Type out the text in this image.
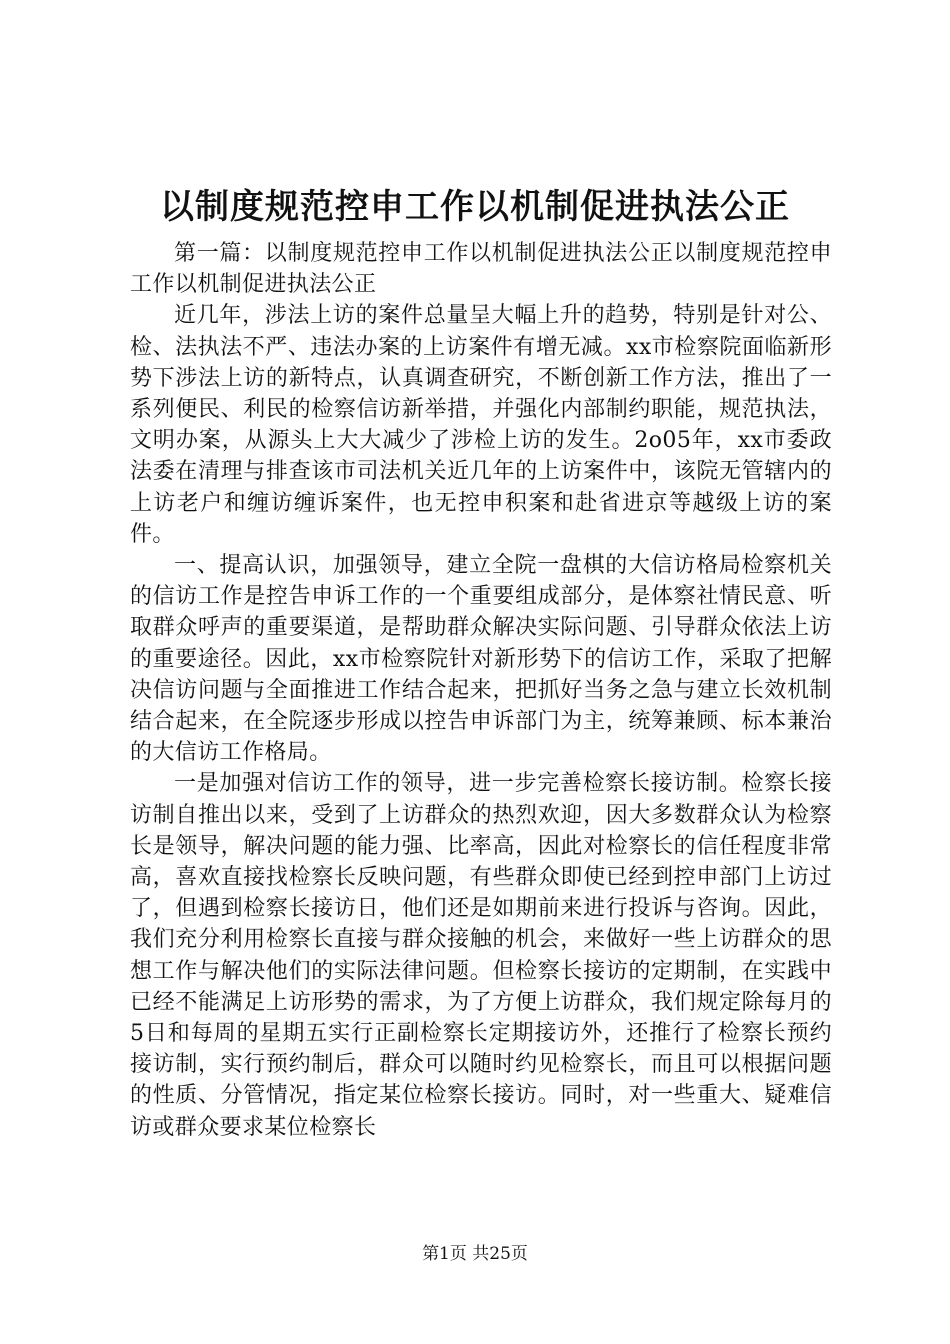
以制度规范控申工作以机制促进执法公正

第一篇：以制度规范控申工作以机制促进执法公正以制度规范控申工作以机制促进执法公正

近几年，涉法上访的案件总量呈大幅上升的趋势，特别是针对公、检、法执法不严、违法办案的上访案件有增无减。xx市检察院面临新形势下涉法上访的新特点，认真调查研究，不断创新工作方法，推出了一系列便民、利民的检察信访新举措，并强化内部制约职能，规范执法，文明办案，从源头上大大减少了涉检上访的发生。2o05年，xx市委政法委在清理与排查该市司法机关近几年的上访案件中，该院无管辖内的上访老户和缠访缠诉案件，也无控申积案和赴省进京等越级上访的案件。

一、提高认识，加强领导，建立全院一盘棋的大信访格局检察机关的信访工作是控告申诉工作的一个重要组成部分，是体察社情民意、听取群众呼声的重要渠道，是帮助群众解决实际问题、引导群众依法上访的重要途径。因此，xx市检察院针对新形势下的信访工作，采取了把解决信访问题与全面推进工作结合起来，把抓好当务之急与建立长效机制结合起来，在全院逐步形成以控告申诉部门为主，统筹兼顾、标本兼治的大信访工作格局。

一是加强对信访工作的领导，进一步完善检察长接访制。检察长接访制自推出以来，受到了上访群众的热烈欢迎，因大多数群众认为检察长是领导，解决问题的能力强、比率高，因此对检察长的信任程度非常高，喜欢直接找检察长反映问题，有些群众即使已经到控申部门上访过了，但遇到检察长接访日，他们还是如期前来进行投诉与咨询。因此，我们充分利用检察长直接与群众接触的机会，来做好一些上访群众的思想工作与解决他们的实际法律问题。但检察长接访的定期制，在实践中已经不能满足上访形势的需求，为了方便上访群众，我们规定除每月的5日和每周的星期五实行正副检察长定期接访外，还推行了检察长预约接访制，实行预约制后，群众可以随时约见检察长，而且可以根据问题的性质、分管情况，指定某位检察长接访。同时，对一些重大、疑难信访或群众要求某位检察长

第1页 共25页
